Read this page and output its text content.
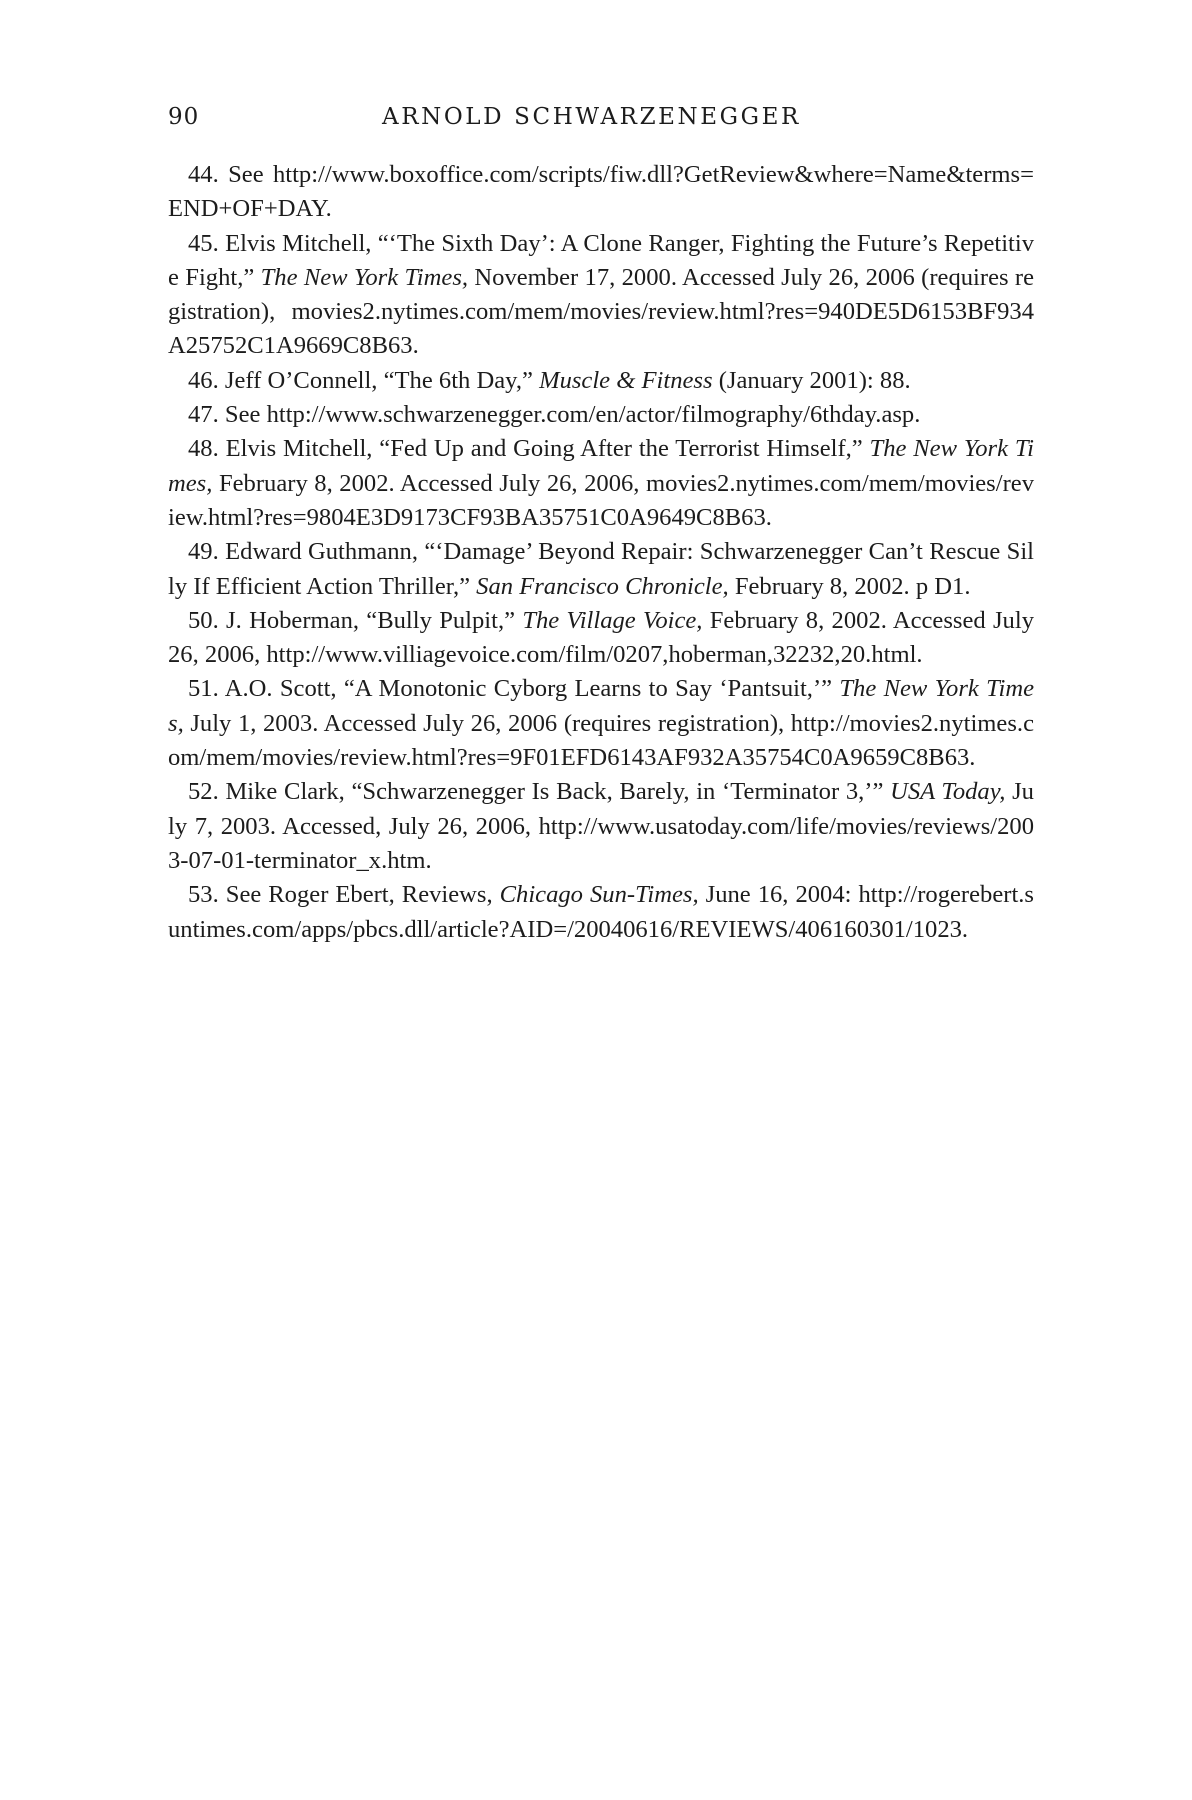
90	ARNOLD SCHWARZENEGGER

44. See http://www.boxoffice.com/scripts/fiw.dll?GetReview&where=Name&terms=END+OF+DAY.

45. Elvis Mitchell, “‘The Sixth Day’: A Clone Ranger, Fighting the Future’s Repetitive Fight,” The New York Times, November 17, 2000. Accessed July 26, 2006 (requires registration), movies2.nytimes.com/mem/movies/review.html?res=940DE5D6153BF934A25752C1A9669C8B63.

46. Jeff O’Connell, “The 6th Day,” Muscle & Fitness (January 2001): 88.

47. See http://www.schwarzenegger.com/en/actor/filmography/6thday.asp.

48. Elvis Mitchell, “Fed Up and Going After the Terrorist Himself,” The New York Times, February 8, 2002. Accessed July 26, 2006, movies2.nytimes.com/mem/movies/review.html?res=9804E3D9173CF93BA35751C0A9649C8B63.

49. Edward Guthmann, “‘Damage’ Beyond Repair: Schwarzenegger Can’t Rescue Silly If Efficient Action Thriller,” San Francisco Chronicle, February 8, 2002. p D1.

50. J. Hoberman, “Bully Pulpit,” The Village Voice, February 8, 2002. Accessed July 26, 2006, http://www.villiagevoice.com/film/0207,hoberman,32232,20.html.

51. A.O. Scott, “A Monotonic Cyborg Learns to Say ‘Pantsuit,’” The New York Times, July 1, 2003. Accessed July 26, 2006 (requires registration), http://movies2.nytimes.com/mem/movies/review.html?res=9F01EFD6143AF932A35754C0A9659C8B63.

52. Mike Clark, “Schwarzenegger Is Back, Barely, in ‘Terminator 3,’” USA Today, July 7, 2003. Accessed, July 26, 2006, http://www.usatoday.com/life/movies/reviews/2003-07-01-terminator_x.htm.

53. See Roger Ebert, Reviews, Chicago Sun-Times, June 16, 2004: http://rogerebert.suntimes.com/apps/pbcs.dll/article?AID=/20040616/REVIEWS/406160301/1023.
